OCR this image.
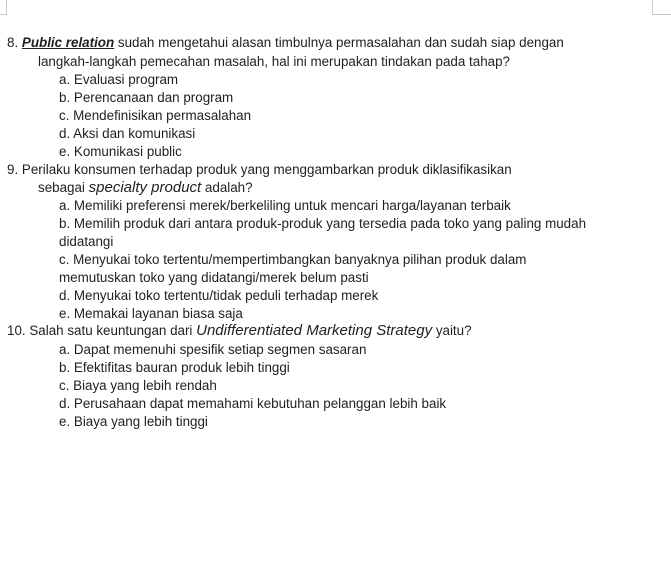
8. Public relation sudah mengetahui alasan timbulnya permasalahan dan sudah siap dengan
langkah-langkah pemecahan masalah, hal ini merupakan tindakan pada tahap?
a. Evaluasi program
b. Perencanaan dan program
c. Mendefinisikan permasalahan
d. Aksi dan komunikasi
e. Komunikasi public
9. Perilaku konsumen terhadap produk yang menggambarkan produk diklasifikasikan
sebagai specialty product adalah?
a. Memiliki preferensi merek/berkeliling untuk mencari harga/layanan terbaik
b. Memilih produk dari antara produk-produk yang tersedia pada toko yang paling mudah
didatangi
c. Menyukai toko tertentu/mempertimbangkan banyaknya pilihan produk dalam
memutuskan toko yang didatangi/merek belum pasti
d. Menyukai toko tertentu/tidak peduli terhadap merek
e. Memakai layanan biasa saja
10. Salah satu keuntungan dari Undifferentiated Marketing Strategy yaitu?
a. Dapat memenuhi spesifik setiap segmen sasaran
b. Efektifitas bauran produk lebih tinggi
c. Biaya yang lebih rendah
d. Perusahaan dapat memahami kebutuhan pelanggan lebih baik
e. Biaya yang lebih tinggi
